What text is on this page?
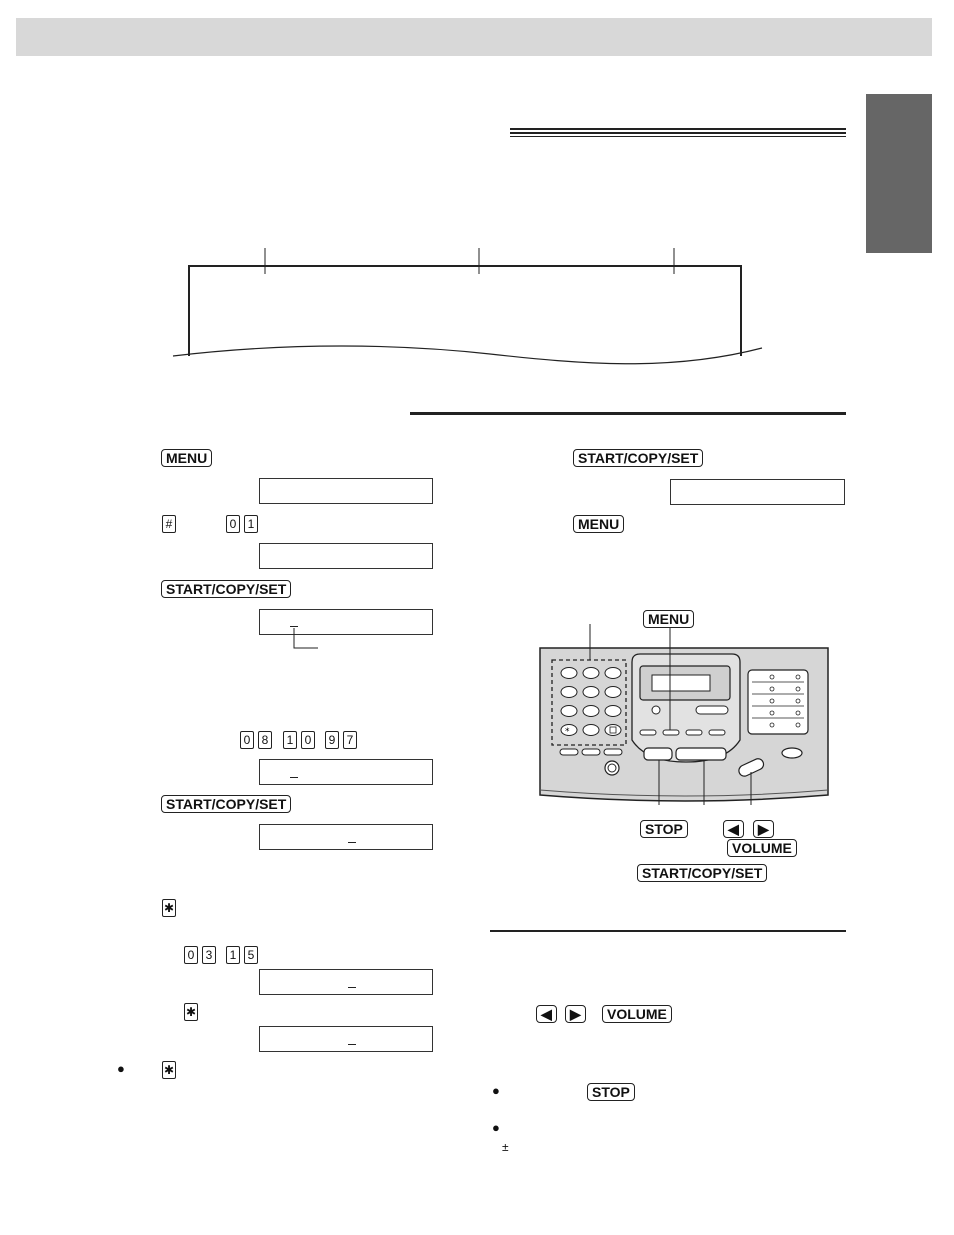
MENU
#	0 1
START/COPY/SET
0 8	1 0	9 7
START/COPY/SET
✱
0 3	1 5
✱
●	✱
START/COPY/SET
MENU
*
MENU
STOP	◀	▶
VOLUME
START/COPY/SET
◀	▶	VOLUME
●	STOP
●
±
